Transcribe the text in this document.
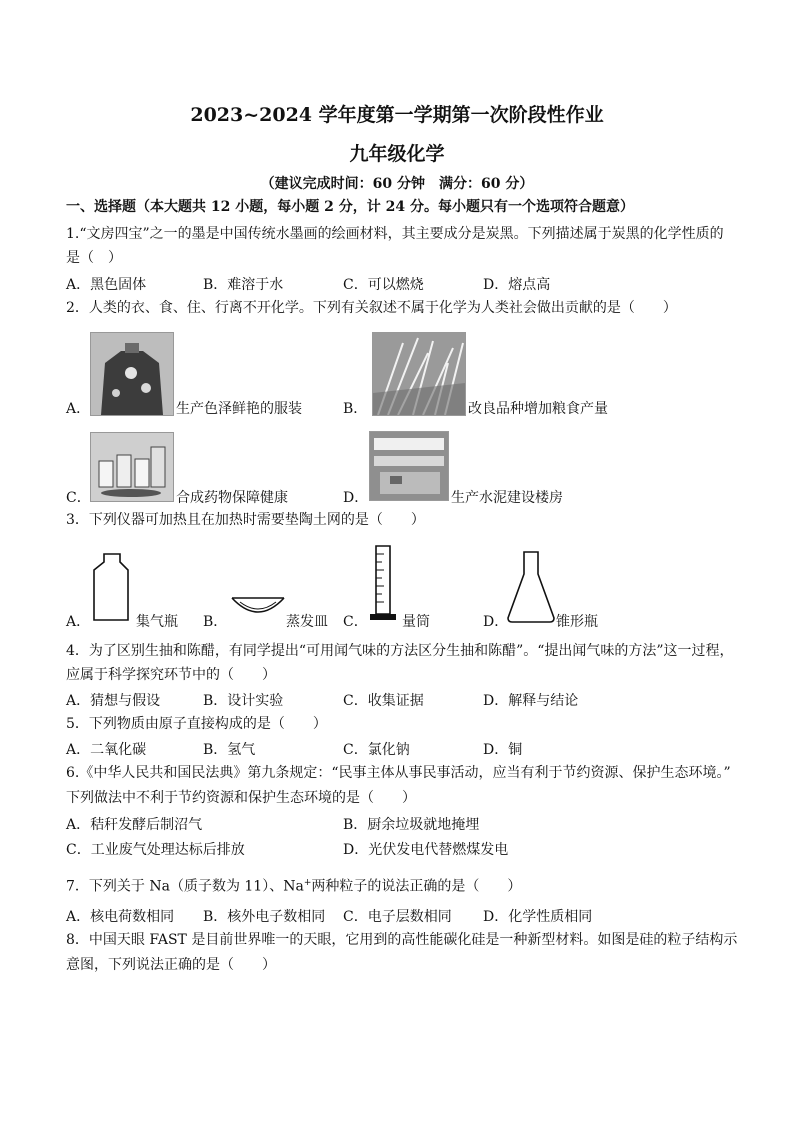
2023~2024 学年度第一学期第一次阶段性作业
九年级化学
（建议完成时间：60 分钟　满分：60 分）
一、选择题（本大题共 12 小题，每小题 2 分，计 24 分。每小题只有一个选项符合题意）
1.“文房四宝”之一的墨是中国传统水墨画的绘画材料，其主要成分是炭黑。下列描述属于炭黑的化学性质的
是（　）
A．黑色固体	B．难溶于水	C．可以燃烧	D．熔点高
2．人类的衣、食、住、行离不开化学。下列有关叙述不属于化学为人类社会做出贡献的是（　　）
A．	生产色泽鲜艳的服装	B．	改良品种增加粮食产量
C．	合成药物保障健康	D．	生产水泥建设楼房
3．下列仪器可加热且在加热时需要垫陶土网的是（　　）
A．	集气瓶 B．	蒸发皿 C． 量筒	D．	锥形瓶
4．为了区别生抽和陈醋，有同学提出“可用闻气味的方法区分生抽和陈醋”。“提出闻气味的方法”这一过程，
应属于科学探究环节中的（　　）
A．猜想与假设	B．设计实验	C．收集证据	D．解释与结论
5．下列物质由原子直接构成的是（　　）
A．二氧化碳	B．氢气	C．氯化钠	D．铜
6.《中华人民共和国民法典》第九条规定：“民事主体从事民事活动，应当有利于节约资源、保护生态环境。”
下列做法中不利于节约资源和保护生态环境的是（　　）
A．秸秆发酵后制沼气	B．厨余垃圾就地掩埋
C．工业废气处理达标后排放	D．光伏发电代替燃煤发电
7．下列关于 Na（质子数为 11）、Na+两种粒子的说法正确的是（　　）
A．核电荷数相同 B．核外电子数相同 C．电子层数相同 D．化学性质相同
8．中国天眼 FAST 是目前世界唯一的天眼，它用到的高性能碳化硅是一种新型材料。如图是硅的粒子结构示
意图，下列说法正确的是（　　）
